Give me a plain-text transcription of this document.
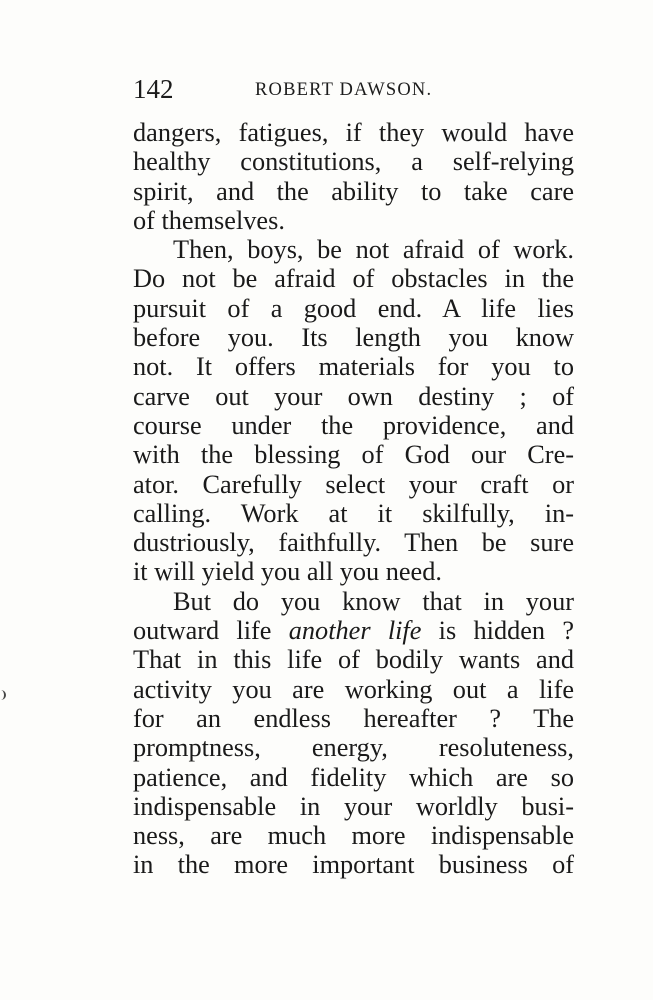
142	ROBERT DAWSON.
dangers, fatigues, if they would have
healthy constitutions, a self-relying
spirit, and the ability to take care
of themselves.
Then, boys, be not afraid of work.
Do not be afraid of obstacles in the
pursuit of a good end. A life lies
before you. Its length you know
not. It offers materials for you to
carve out your own destiny ; of
course under the providence, and
with the blessing of God our Cre-
ator. Carefully select your craft or
calling. Work at it skilfully, in-
dustriously, faithfully. Then be sure
it will yield you all you need.
But do you know that in your
outward life another life is hidden ?
That in this life of bodily wants and
activity you are working out a life
for an endless hereafter ? The
promptness, energy, resoluteness,
patience, and fidelity which are so
indispensable in your worldly busi-
ness, are much more indispensable
in the more important business of
